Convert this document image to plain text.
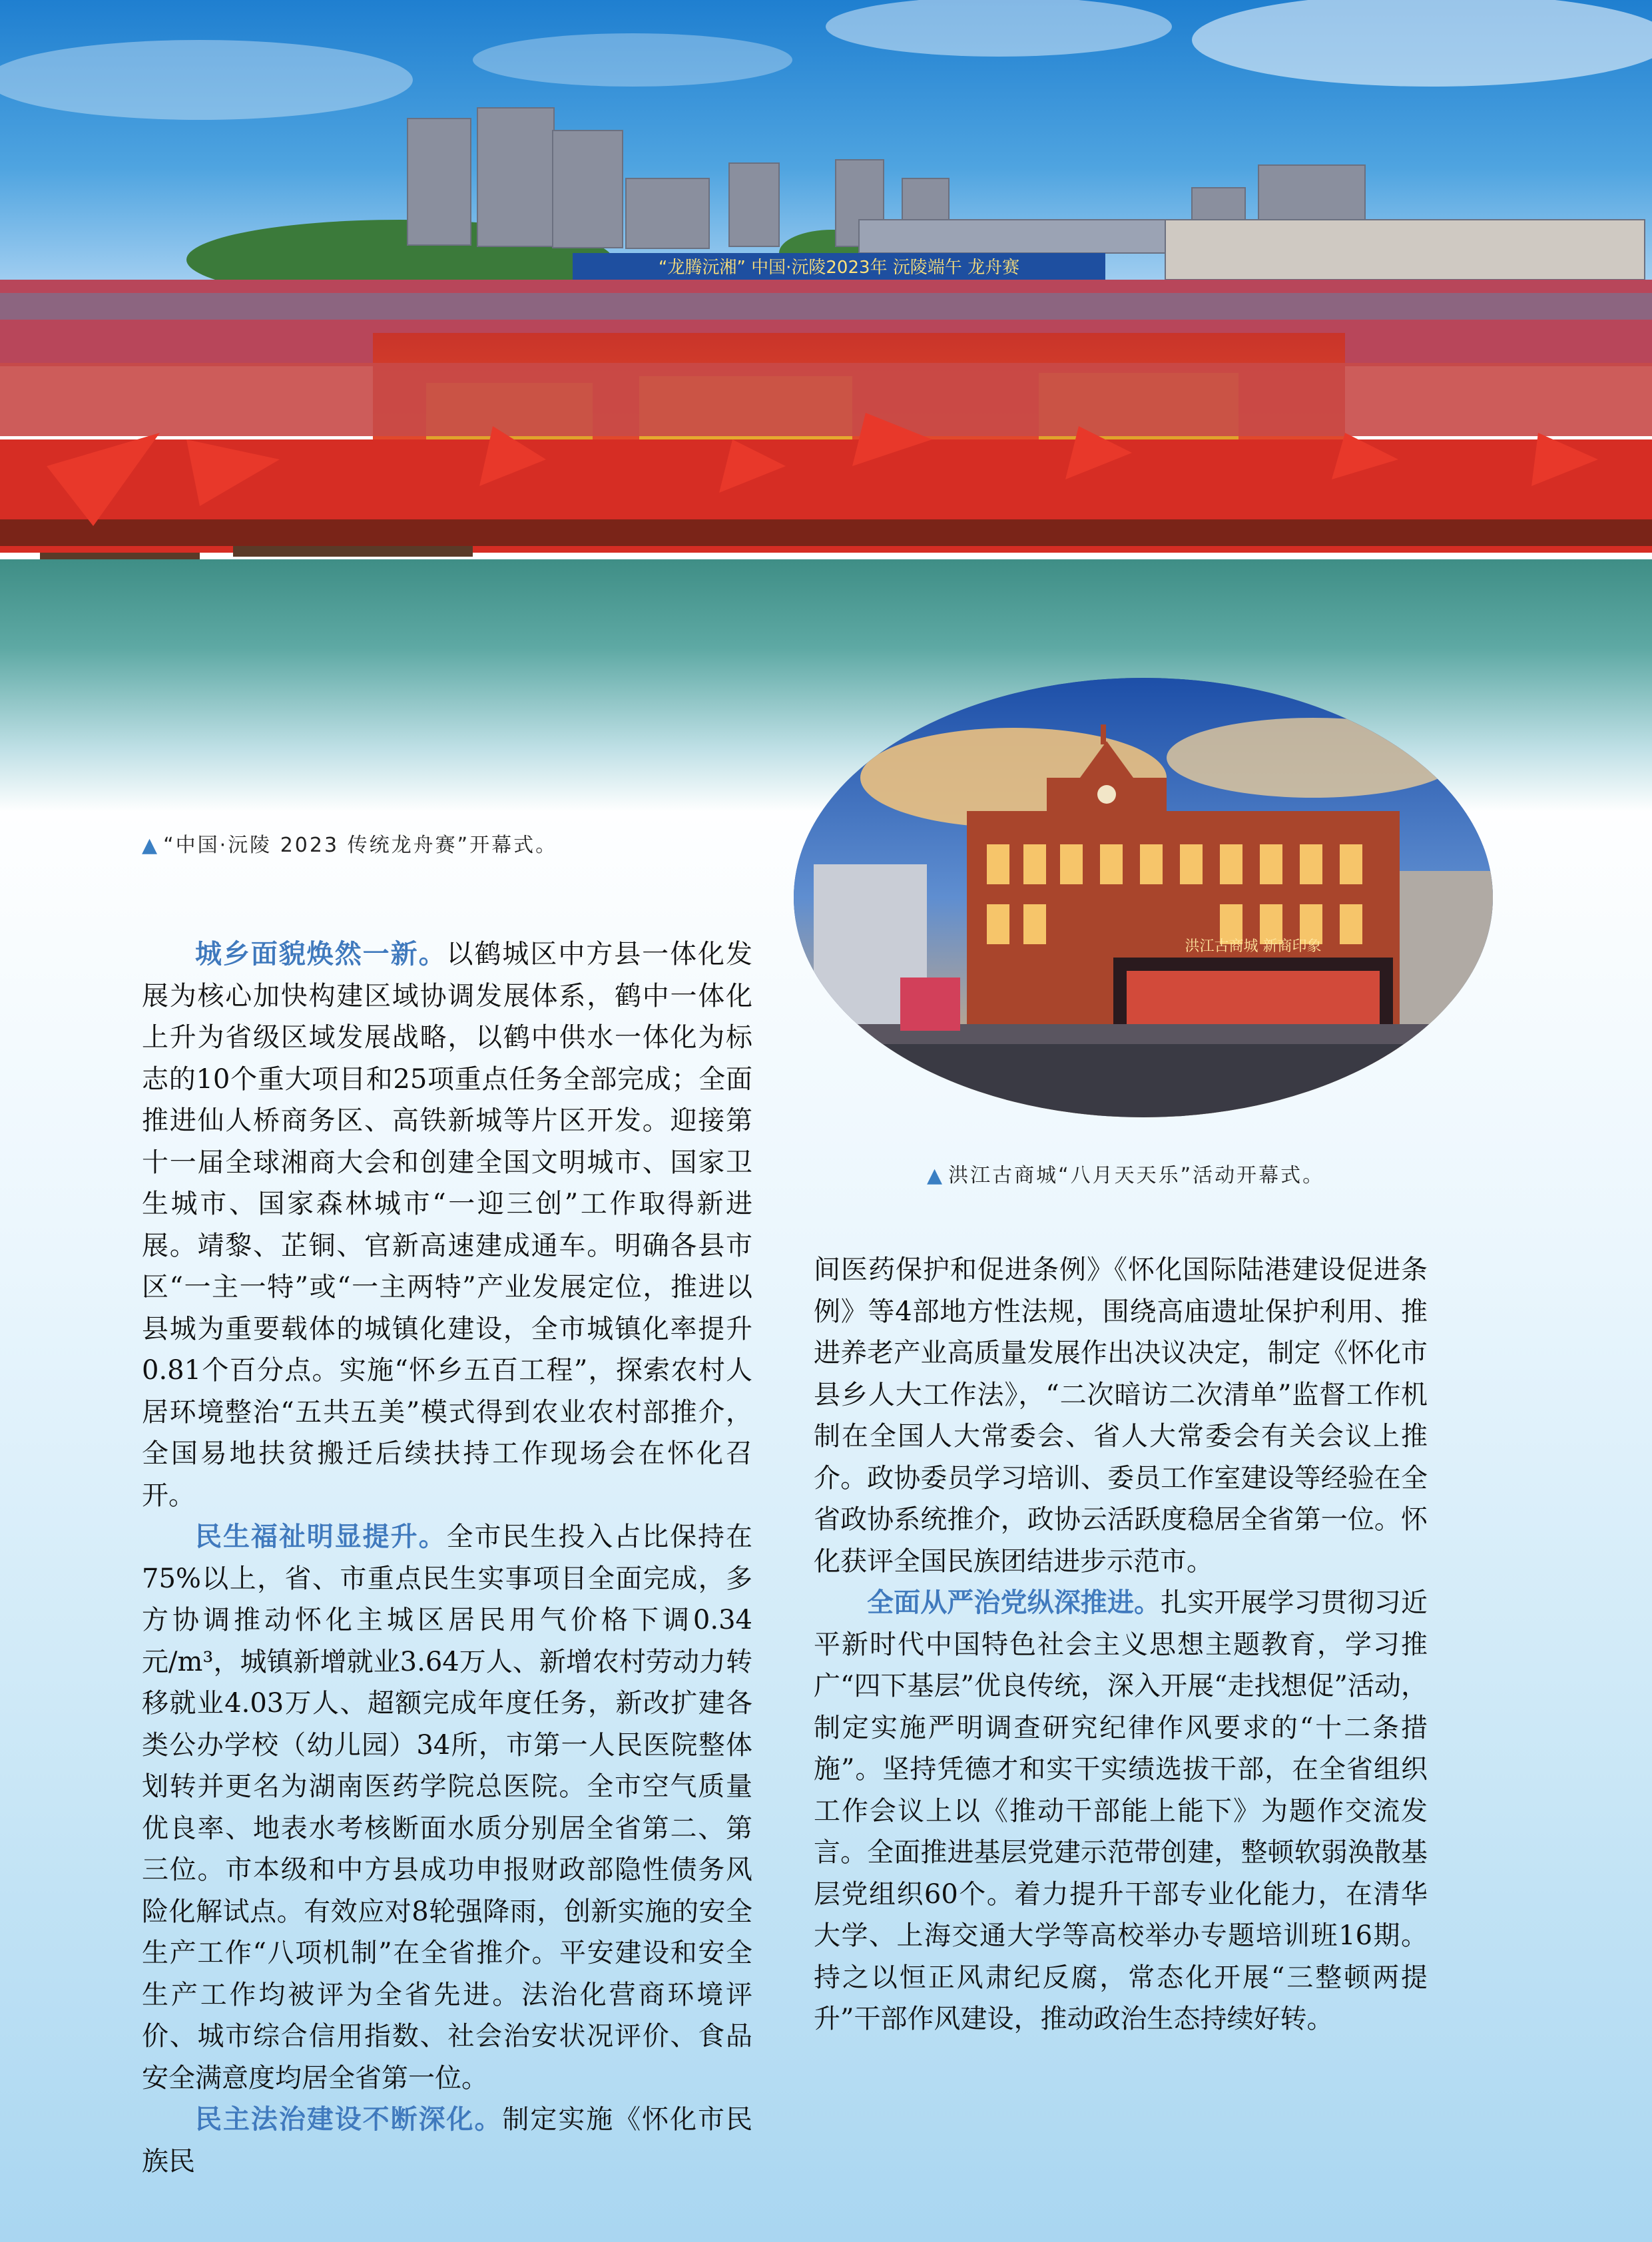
“龙腾沅湘” 中国·沅陵2023年 沅陵端午 龙舟赛
▲ “中国·沅陵 2023 传统龙舟赛”开幕式。
洪江古商城 新商印象
▲ 洪江古商城“八月天天乐”活动开幕式。

城乡面貌焕然一新。以鹤城区中方县一体化发展为核心加快构建区域协调发展体系，鹤中一体化上升为省级区域发展战略，以鹤中供水一体化为标志的10个重大项目和25项重点任务全部完成；全面推进仙人桥商务区、高铁新城等片区开发。迎接第十一届全球湘商大会和创建全国文明城市、国家卫生城市、国家森林城市“一迎三创”工作取得新进展。靖黎、芷铜、官新高速建成通车。明确各县市区“一主一特”或“一主两特”产业发展定位，推进以县城为重要载体的城镇化建设，全市城镇化率提升0.81个百分点。实施“怀乡五百工程”，探索农村人居环境整治“五共五美”模式得到农业农村部推介，全国易地扶贫搬迁后续扶持工作现场会在怀化召开。

民生福祉明显提升。全市民生投入占比保持在75%以上，省、市重点民生实事项目全面完成，多方协调推动怀化主城区居民用气价格下调0.34元/m³，城镇新增就业3.64万人、新增农村劳动力转移就业4.03万人、超额完成年度任务，新改扩建各类公办学校（幼儿园）34所，市第一人民医院整体划转并更名为湖南医药学院总医院。全市空气质量优良率、地表水考核断面水质分别居全省第二、第三位。市本级和中方县成功申报财政部隐性债务风险化解试点。有效应对8轮强降雨，创新实施的安全生产工作“八项机制”在全省推介。平安建设和安全生产工作均被评为全省先进。法治化营商环境评价、城市综合信用指数、社会治安状况评价、食品安全满意度均居全省第一位。

民主法治建设不断深化。制定实施《怀化市民族民

间医药保护和促进条例》《怀化国际陆港建设促进条例》等4部地方性法规，围绕高庙遗址保护利用、推进养老产业高质量发展作出决议决定，制定《怀化市县乡人大工作法》，“二次暗访二次清单”监督工作机制在全国人大常委会、省人大常委会有关会议上推介。政协委员学习培训、委员工作室建设等经验在全省政协系统推介，政协云活跃度稳居全省第一位。怀化获评全国民族团结进步示范市。

全面从严治党纵深推进。扎实开展学习贯彻习近平新时代中国特色社会主义思想主题教育，学习推广“四下基层”优良传统，深入开展“走找想促”活动，制定实施严明调查研究纪律作风要求的“十二条措施”。坚持凭德才和实干实绩选拔干部，在全省组织工作会议上以《推动干部能上能下》为题作交流发言。全面推进基层党建示范带创建，整顿软弱涣散基层党组织60个。着力提升干部专业化能力，在清华大学、上海交通大学等高校举办专题培训班16期。持之以恒正风肃纪反腐，常态化开展“三整顿两提升”干部作风建设，推动政治生态持续好转。
